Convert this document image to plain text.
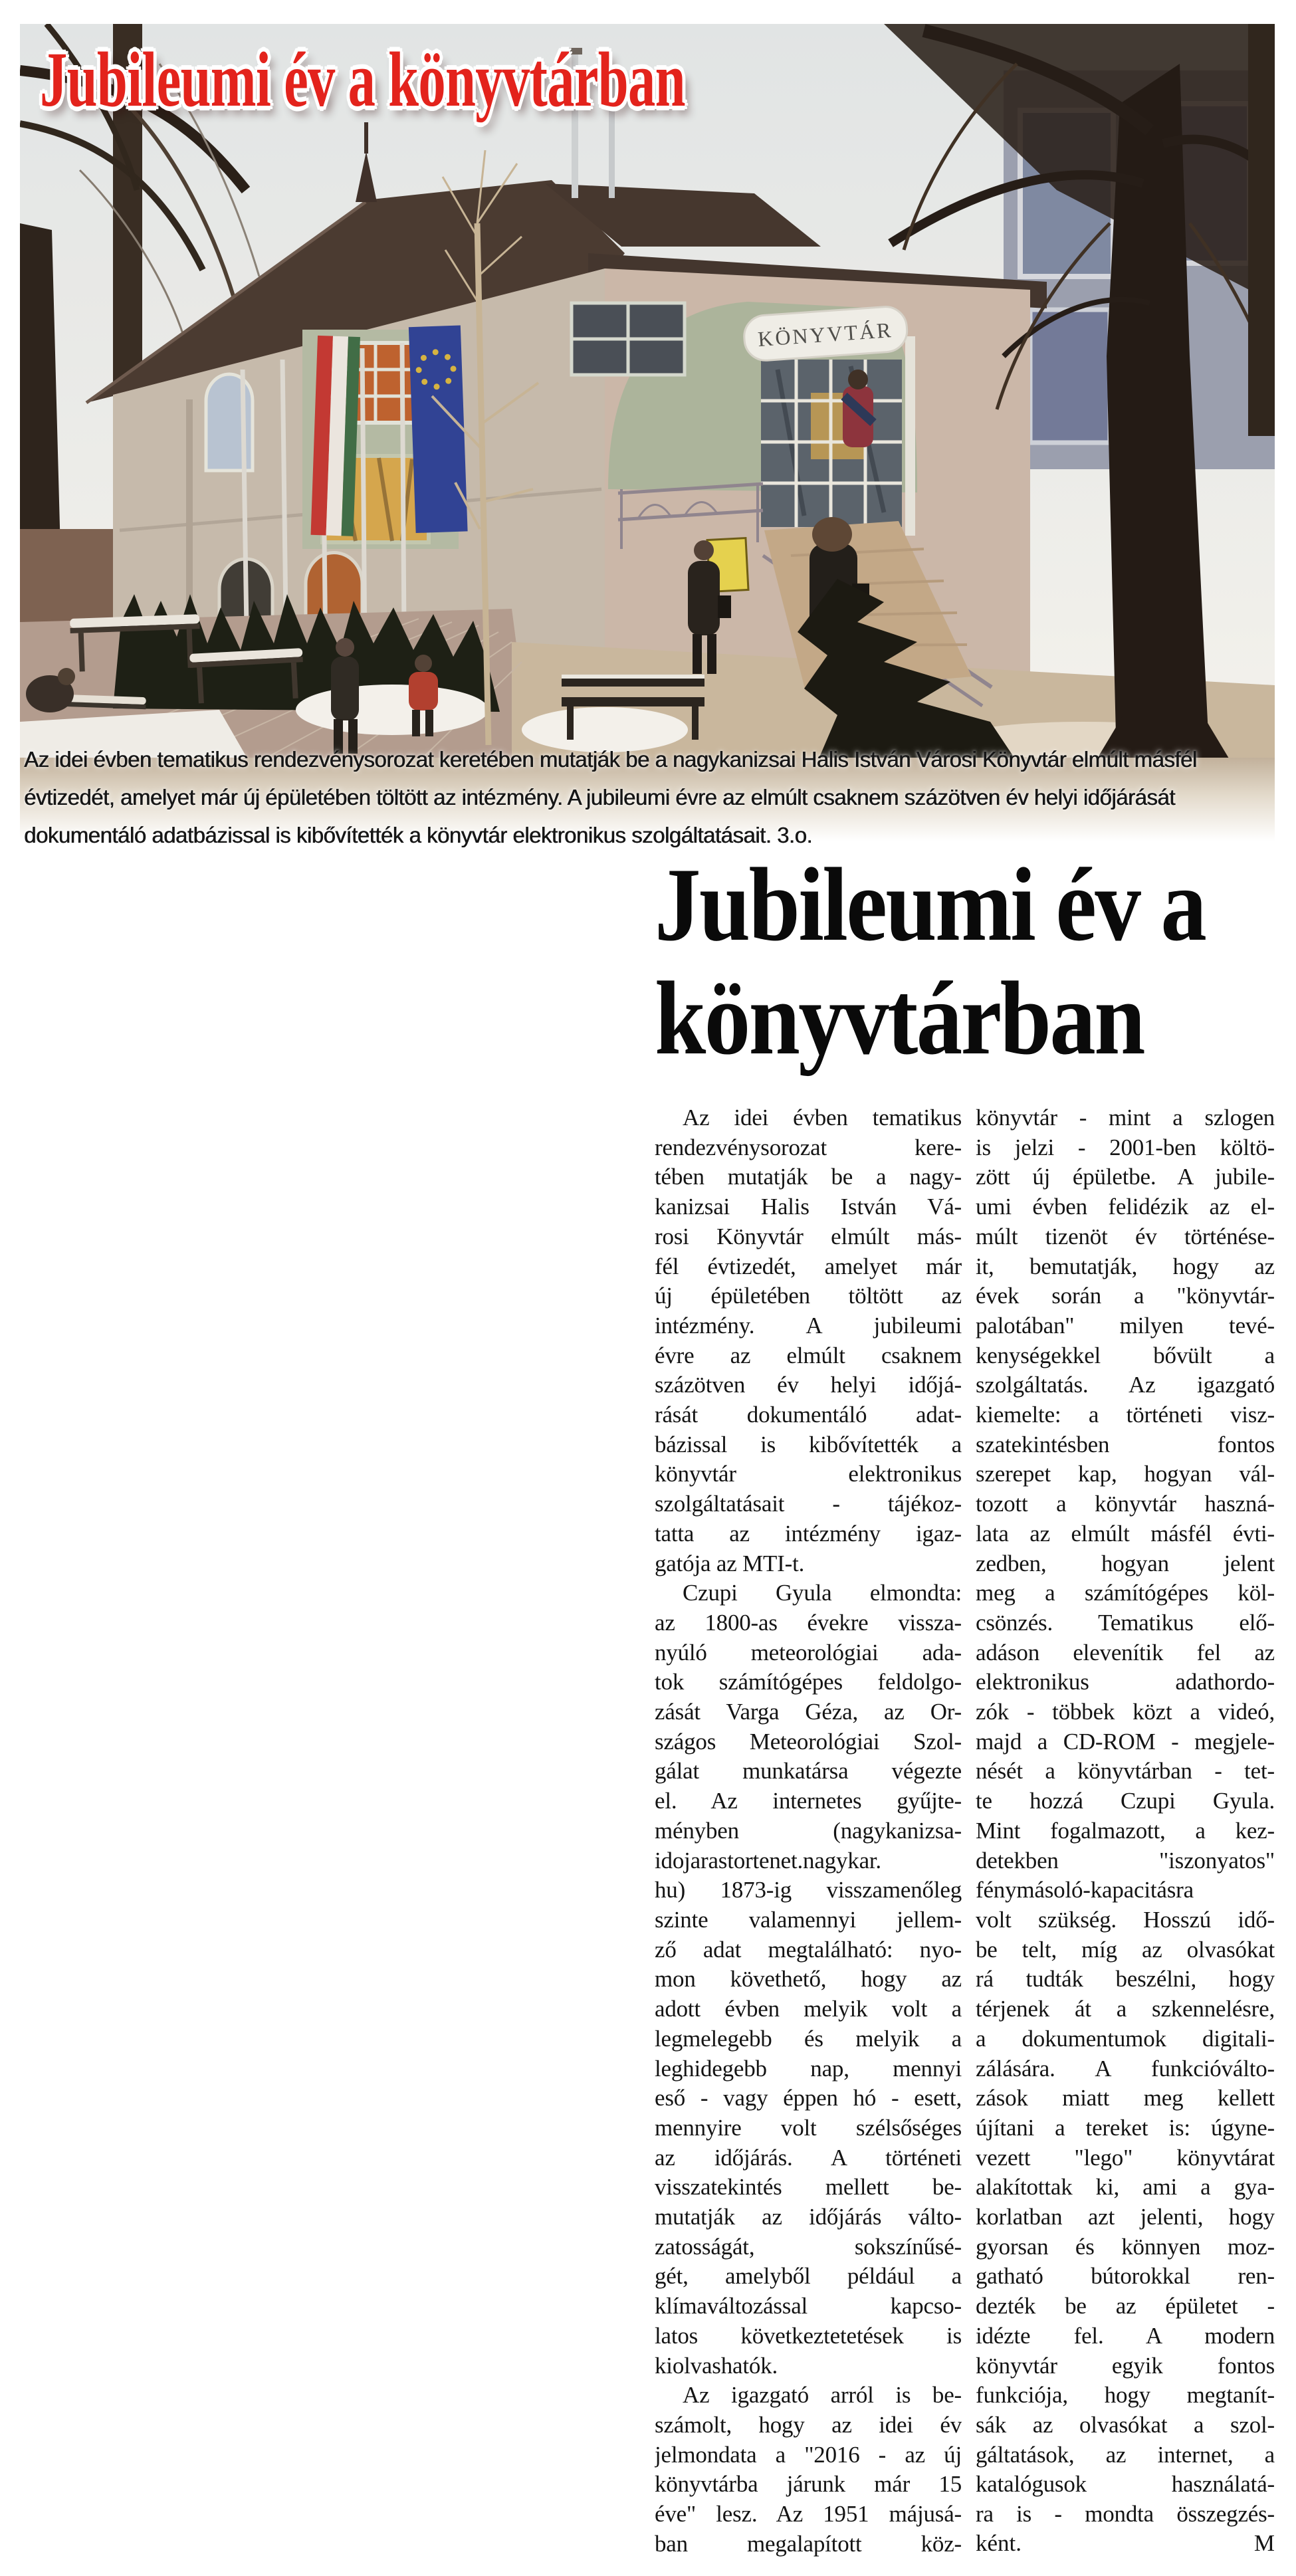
KÖNYVTÁR
Jubileumi év a könyvtárban
Az idei évben tematikus rendezvénysorozat keretében mutatják be a nagykanizsai Halis István Városi Könyvtár elmúlt másfél
évtizedét, amelyet már új épületében töltött az intézmény. A jubileumi évre az elmúlt csaknem százötven év helyi időjárását
dokumentáló adatbázissal is kibővítették a könyvtár elektronikus szolgáltatásait. 3.o.
Jubileumi év a
könyvtárban
Az idei évben tematikus
rendezvénysorozat kere-
tében mutatják be a nagy-
kanizsai Halis István Vá-
rosi Könyvtár elmúlt más-
fél évtizedét, amelyet már
új épületében töltött az
intézmény. A jubileumi
évre az elmúlt csaknem
százötven év helyi időjá-
rását dokumentáló adat-
bázissal is kibővítették a
könyvtár elektronikus
szolgáltatásait - tájékoz-
tatta az intézmény igaz-
gatója az MTI-t.
Czupi Gyula elmondta:
az 1800-as évekre vissza-
nyúló meteorológiai ada-
tok számítógépes feldolgo-
zását Varga Géza, az Or-
szágos Meteorológiai Szol-
gálat munkatársa végezte
el. Az internetes gyűjte-
ményben (nagykanizsa-
idojarastortenet.nagykar.
hu) 1873-ig visszamenőleg
szinte valamennyi jellem-
ző adat megtalálható: nyo-
mon követhető, hogy az
adott évben melyik volt a
legmelegebb és melyik a
leghidegebb nap, mennyi
eső - vagy éppen hó - esett,
mennyire volt szélsőséges
az időjárás. A történeti
visszatekintés mellett be-
mutatják az időjárás válto-
zatosságát, sokszínűsé-
gét, amelyből például a
klímaváltozással kapcso-
latos következtetetések is
kiolvashatók.
Az igazgató arról is be-
számolt, hogy az idei év
jelmondata a "2016 - az új
könyvtárba járunk már 15
éve" lesz. Az 1951 májusá-
ban megalapított köz-
könyvtár - mint a szlogen
is jelzi - 2001-ben költö-
zött új épületbe. A jubile-
umi évben felidézik az el-
múlt tizenöt év történése-
it, bemutatják, hogy az
évek során a "könyvtár-
palotában" milyen tevé-
kenységekkel bővült a
szolgáltatás. Az igazgató
kiemelte: a történeti visz-
szatekintésben fontos
szerepet kap, hogyan vál-
tozott a könyvtár haszná-
lata az elmúlt másfél évti-
zedben, hogyan jelent
meg a számítógépes köl-
csönzés. Tematikus elő-
adáson elevenítik fel az
elektronikus adathordo-
zók - többek közt a videó,
majd a CD-ROM - megjele-
nését a könyvtárban - tet-
te hozzá Czupi Gyula.
Mint fogalmazott, a kez-
detekben "iszonyatos"
fénymásoló-kapacitásra
volt szükség. Hosszú idő-
be telt, míg az olvasókat
rá tudták beszélni, hogy
térjenek át a szkennelésre,
a dokumentumok digitali-
zálására. A funkcióválto-
zások miatt meg kellett
újítani a tereket is: úgyne-
vezett "lego" könyvtárat
alakítottak ki, ami a gya-
korlatban azt jelenti, hogy
gyorsan és könnyen moz-
gatható bútorokkal ren-
dezték be az épületet -
idézte fel. A modern
könyvtár egyik fontos
funkciója, hogy megtanít-
sák az olvasókat a szol-
gáltatások, az internet, a
katalógusok használatá-
ra is - mondta összegzés-
ként.	M
